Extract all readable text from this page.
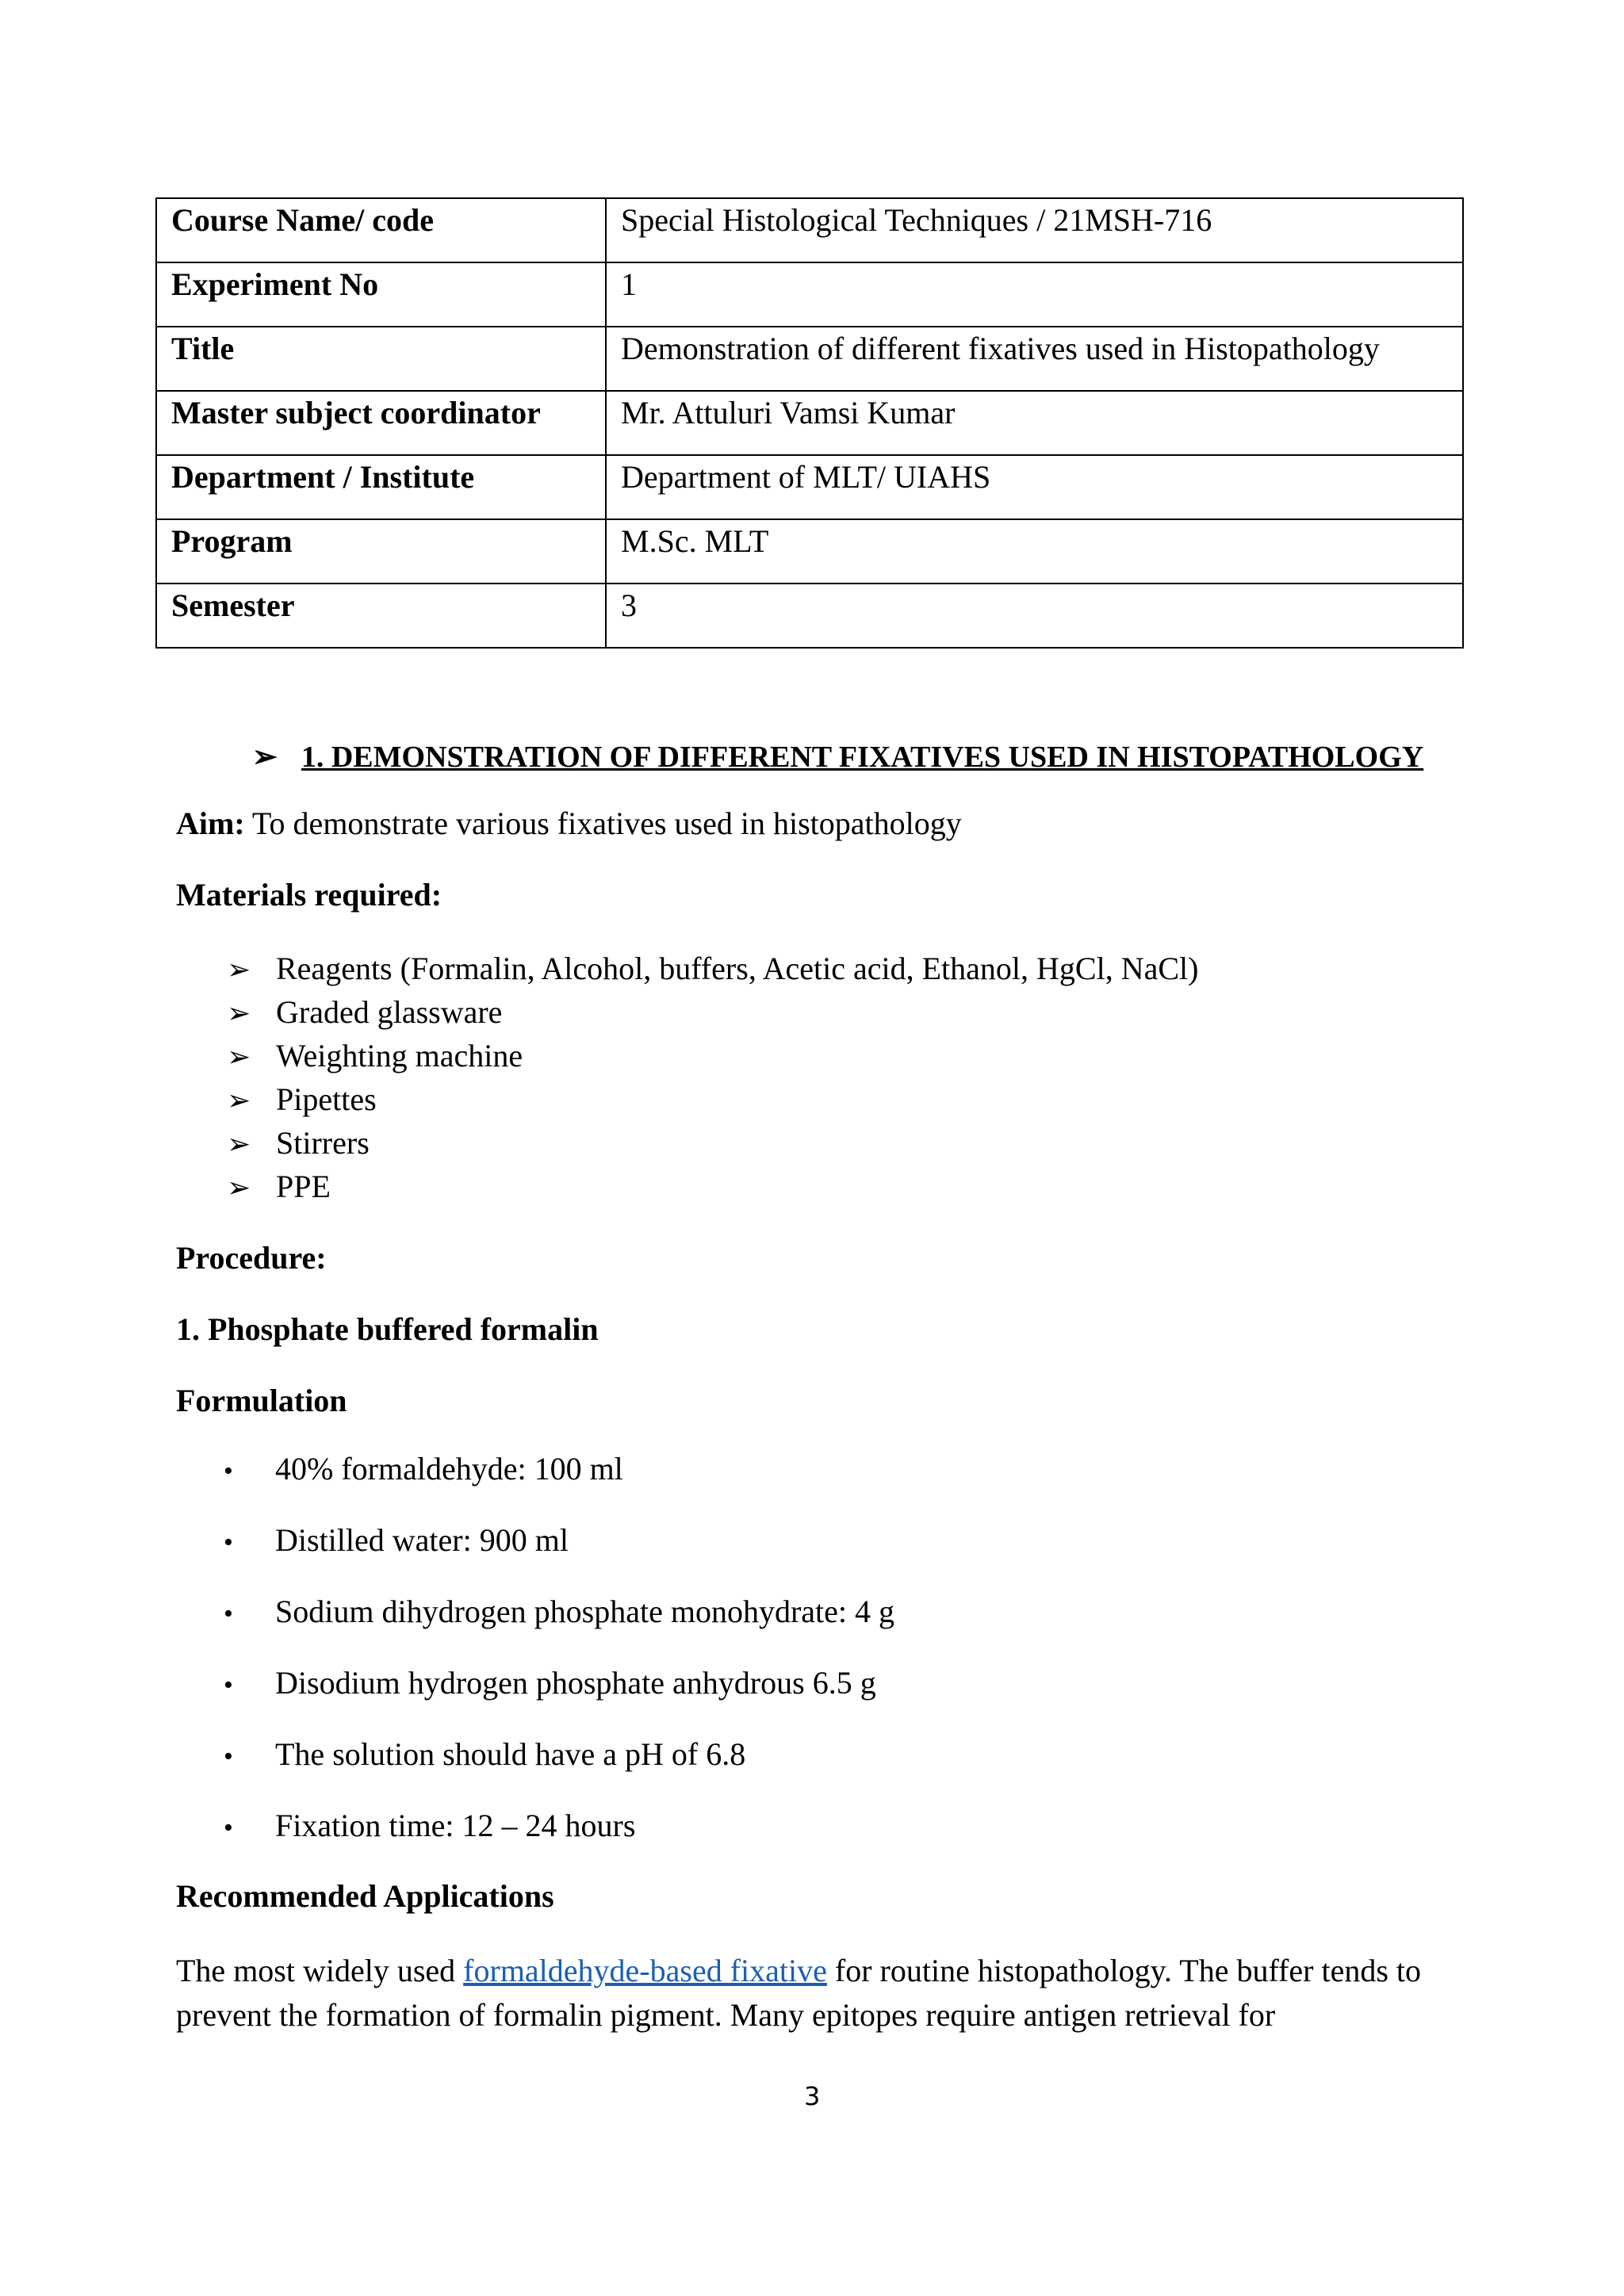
Course Name/ code	Special Histological Techniques / 21MSH-716
Experiment No	1
Title	Demonstration of different fixatives used in Histopathology
Master subject coordinator	Mr. Attuluri Vamsi Kumar
Department / Institute	Department of MLT/ UIAHS
Program	M.Sc. MLT
Semester	3
➢ 1. DEMONSTRATION OF DIFFERENT FIXATIVES USED IN HISTOPATHOLOGY
Aim: To demonstrate various fixatives used in histopathology
Materials required:
➢ Reagents (Formalin, Alcohol, buffers, Acetic acid, Ethanol, HgCl, NaCl)
➢ Graded glassware
➢ Weighting machine
➢ Pipettes
➢ Stirrers
➢ PPE
Procedure:
1. Phosphate buffered formalin
Formulation
• 40% formaldehyde: 100 ml
• Distilled water: 900 ml
• Sodium dihydrogen phosphate monohydrate: 4 g
• Disodium hydrogen phosphate anhydrous 6.5 g
• The solution should have a pH of 6.8
• Fixation time: 12 – 24 hours
Recommended Applications
The most widely used formaldehyde-based fixative for routine histopathology. The buffer tends to prevent the formation of formalin pigment. Many epitopes require antigen retrieval for
3
